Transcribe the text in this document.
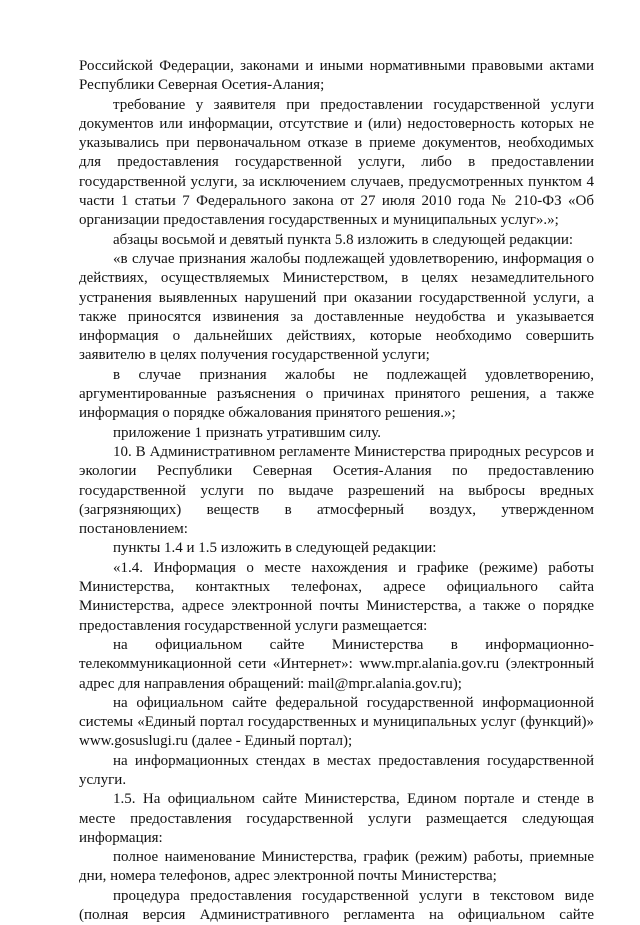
Российской Федерации, законами и иными нормативными правовыми актами Республики Северная Осетия-Алания;

требование у заявителя при предоставлении государственной услуги документов или информации, отсутствие и (или) недостоверность которых не указывались при первоначальном отказе в приеме документов, необходимых для предоставления государственной услуги, либо в предоставлении государственной услуги, за исключением случаев, предусмотренных пунктом 4 части 1 статьи 7 Федерального закона от 27 июля 2010 года № 210-ФЗ «Об организации предоставления государственных и муниципальных услуг».»;

абзацы восьмой и девятый пункта 5.8 изложить в следующей редакции:

«в случае признания жалобы подлежащей удовлетворению, информация о действиях, осуществляемых Министерством, в целях незамедлительного устранения выявленных нарушений при оказании государственной услуги, а также приносятся извинения за доставленные неудобства и указывается информация о дальнейших действиях, которые необходимо совершить заявителю в целях получения государственной услуги;

в случае признания жалобы не подлежащей удовлетворению, аргументированные разъяснения о причинах принятого решения, а также информация о порядке обжалования принятого решения.»;

приложение 1 признать утратившим силу.

10. В Административном регламенте Министерства природных ресурсов и экологии Республики Северная Осетия-Алания по предоставлению государственной услуги по выдаче разрешений на выбросы вредных (загрязняющих) веществ в атмосферный воздух, утвержденном постановлением:

пункты 1.4 и 1.5 изложить в следующей редакции:

«1.4. Информация о месте нахождения и графике (режиме) работы Министерства, контактных телефонах, адресе официального сайта Министерства, адресе электронной почты Министерства, а также о порядке предоставления государственной услуги размещается:

на официальном сайте Министерства в информационно-телекоммуникационной сети «Интернет»: www.mpr.alania.gov.ru (электронный адрес для направления обращений: mail@mpr.alania.gov.ru);

на официальном сайте федеральной государственной информационной системы «Единый портал государственных и муниципальных услуг (функций)» www.gosuslugi.ru (далее - Единый портал);

на информационных стендах в местах предоставления государственной услуги.

1.5. На официальном сайте Министерства, Едином портале и стенде в месте предоставления государственной услуги размещается следующая информация:

полное наименование Министерства, график (режим) работы, приемные дни, номера телефонов, адрес электронной почты Министерства;

процедура предоставления государственной услуги в текстовом виде (полная версия Административного регламента на официальном сайте
